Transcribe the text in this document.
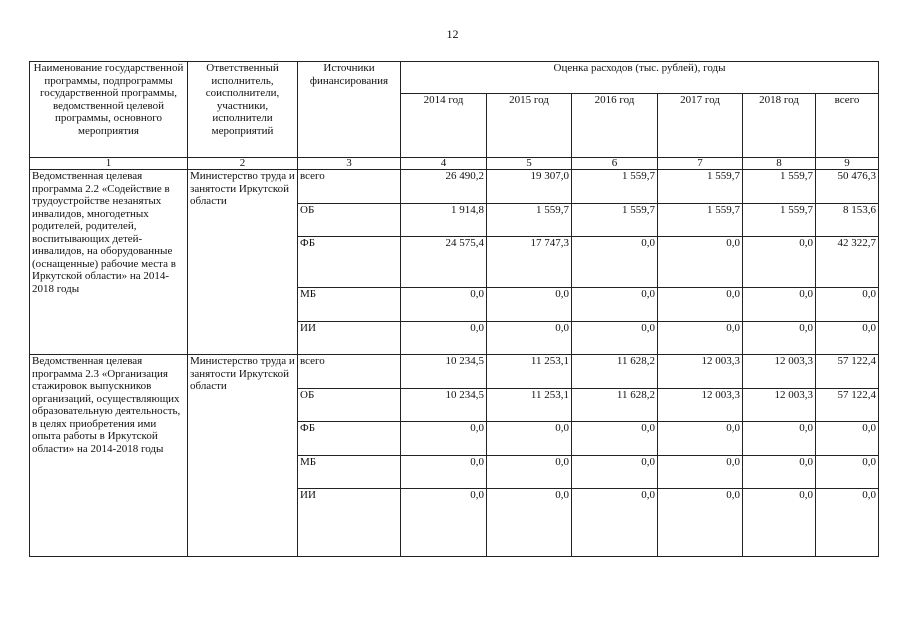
12
Наименование государственной программы, подпрограммы государственной программы, ведомственной целевой программы, основного мероприятия	Ответственный исполнитель, соисполнители, участники, исполнители мероприятий	Источники финансирования	Оценка расходов (тыс. рублей), годы					
			2014 год	2015 год	2016 год	2017 год	2018 год	всего
1	2	3	4	5	6	7	8	9
Ведомственная целевая программа 2.2 «Содействие в трудоустройстве незанятых инвалидов, многодетных родителей, родителей, воспитывающих детей-инвалидов, на оборудованные (оснащенные) рабочие места в Иркутской области» на 2014-2018 годы	Министерство труда и занятости Иркутской области	всего	26 490,2	19 307,0	1 559,7	1 559,7	1 559,7	50 476,3
		ОБ	1 914,8	1 559,7	1 559,7	1 559,7	1 559,7	8 153,6
		ФБ	24 575,4	17 747,3	0,0	0,0	0,0	42 322,7
		МБ	0,0	0,0	0,0	0,0	0,0	0,0
		ИИ	0,0	0,0	0,0	0,0	0,0	0,0
Ведомственная целевая программа 2.3 «Организация стажировок выпускников организаций, осуществляющих образовательную деятельность, в целях приобретения ими опыта работы в Иркутской области» на 2014-2018 годы	Министерство труда и занятости Иркутской области	всего	10 234,5	11 253,1	11 628,2	12 003,3	12 003,3	57 122,4
		ОБ	10 234,5	11 253,1	11 628,2	12 003,3	12 003,3	57 122,4
		ФБ	0,0	0,0	0,0	0,0	0,0	0,0
		МБ	0,0	0,0	0,0	0,0	0,0	0,0
		ИИ	0,0	0,0	0,0	0,0	0,0	0,0
